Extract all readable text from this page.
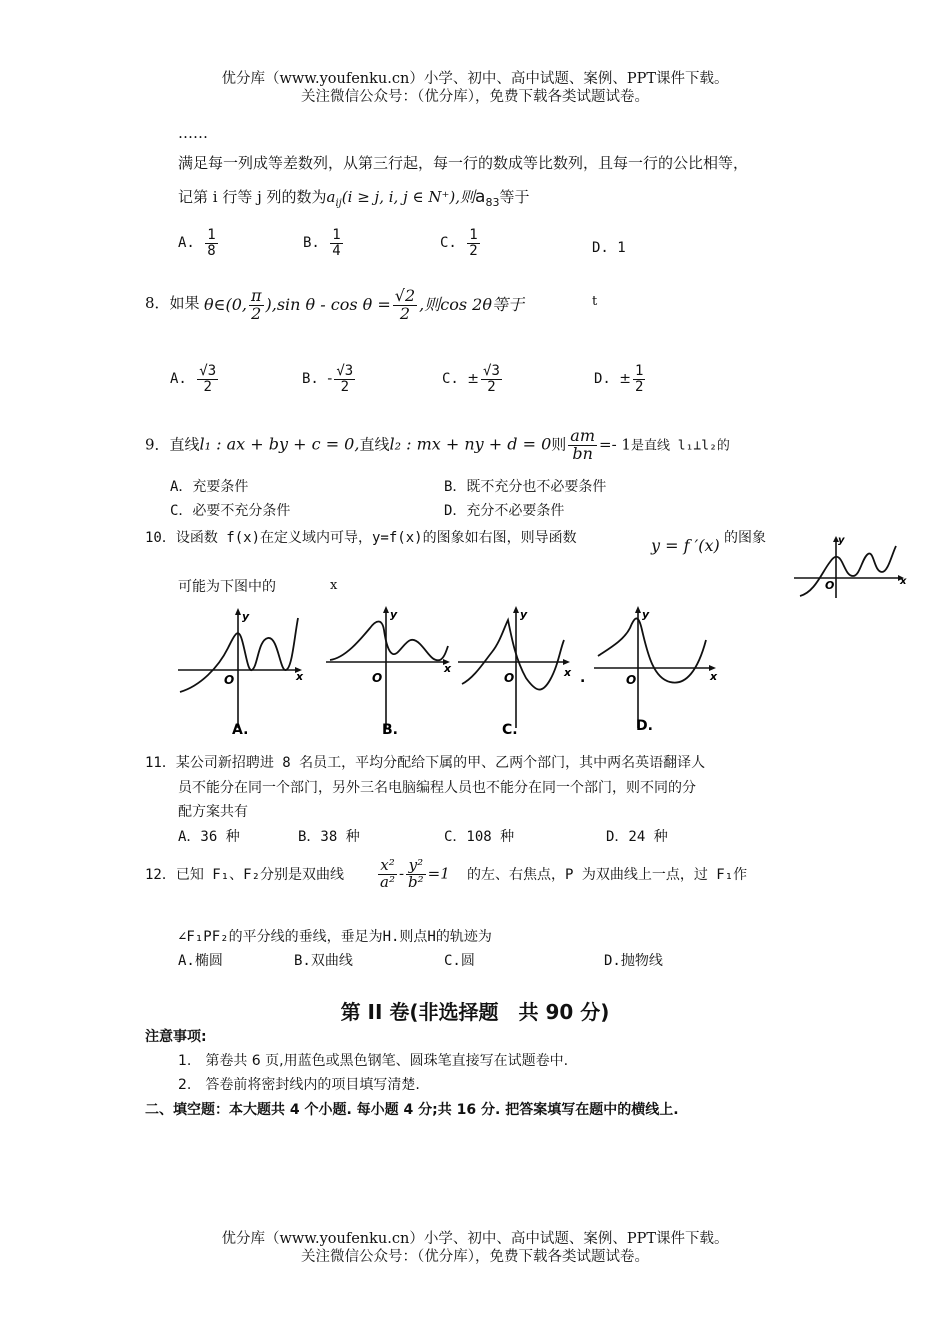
优分库（www.youfenku.cn）小学、初中、高中试题、案例、PPT课件下载。
关注微信公众号：（优分库），免费下载各类试题试卷。
……
满足每一列成等差数列，从第三行起，每一行的数成等比数列，且每一行的公比相等，
记第 i 行等 j 列的数为$a_{ij}(i \ge j$, i, j ∈ N⁺),则$a_{83}$等于
A. $\frac{1}{8}$	B. $\frac{1}{4}$	C. $\frac{1}{2}$	D. 1
8．如果 θ∈(0, $\frac{\pi}{2} ),\sin$ $\theta - \cos \theta = \frac{√2}{2}$ ,则cos 2θ等于	t
A. $\frac{√3}{2}$	B. - $\frac{√3}{2}$	C. ± $\frac{√3}{2}$	D. ± $\frac{1}{2}$
9．直线l₁ : ax + by + c = 0,直线l₂ : mx + ny + d = 0则 $\frac{am}{bn} =- 1$是直线 l₁⊥l₂的
A．充要条件	B．既不充分也不必要条件
C．必要不充分条件	D．充分不必要条件
10．设函数 f(x)在定义域内可导，y=f(x)的图象如右图，则导函数	y = f ′(x) 的图象
可能为下图中的	x
y
x
O
y
x
O
A.
y
x
O
B.
y
x
O
C.
.
y
x
O
D.
11．某公司新招聘进 8 名员工，平均分配给下属的甲、乙两个部门，其中两名英语翻译人
员不能分在同一个部门，另外三名电脑编程人员也不能分在同一个部门，则不同的分
配方案共有
A．36 种	B．38 种	C．108 种	D．24 种
12．已知 F₁、F₂分别是双曲线 $\frac{\text{x²}}{\text{a²}} - \frac{\text{y²}}{\text{b²}} =1$ 的左、右焦点，P 为双曲线上一点，过 F₁作
∠F₁PF₂的平分线的垂线，垂足为H.则点H的轨迹为
A.椭圆	B.双曲线	C.圆	D.抛物线
第 II 卷(非选择题　共 90 分)
注意事项:
1.　第卷共 6 页,用蓝色或黑色钢笔、圆珠笔直接写在试题卷中.
2.　答卷前将密封线内的项目填写清楚.
二、填空题：本大题共 4 个小题. 每小题 4 分;共 16 分. 把答案填写在题中的横线上.
优分库（www.youfenku.cn）小学、初中、高中试题、案例、PPT课件下载。
关注微信公众号：（优分库），免费下载各类试题试卷。
